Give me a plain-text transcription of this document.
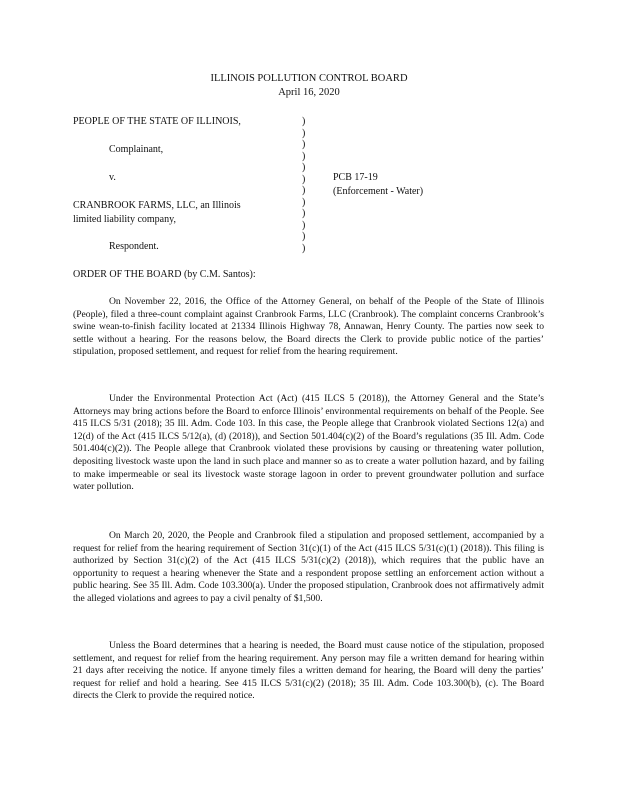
ILLINOIS POLLUTION CONTROL BOARD
April 16, 2020
PEOPLE OF THE STATE OF ILLINOIS,
Complainant,
v.
CRANBROOK FARMS, LLC, an Illinois
limited liability company,
Respondent.
)
)
)
)
)
)
)
)
)
)
)
)
PCB 17-19
(Enforcement - Water)
ORDER OF THE BOARD (by C.M. Santos):
On November 22, 2016, the Office of the Attorney General, on behalf of the People of the State of Illinois (People), filed a three-count complaint against Cranbrook Farms, LLC (Cranbrook). The complaint concerns Cranbrook’s swine wean-to-finish facility located at 21334 Illinois Highway 78, Annawan, Henry County. The parties now seek to settle without a hearing. For the reasons below, the Board directs the Clerk to provide public notice of the parties’ stipulation, proposed settlement, and request for relief from the hearing requirement.
Under the Environmental Protection Act (Act) (415 ILCS 5 (2018)), the Attorney General and the State’s Attorneys may bring actions before the Board to enforce Illinois’ environmental requirements on behalf of the People. See 415 ILCS 5/31 (2018); 35 Ill. Adm. Code 103. In this case, the People allege that Cranbrook violated Sections 12(a) and 12(d) of the Act (415 ILCS 5/12(a), (d) (2018)), and Section 501.404(c)(2) of the Board’s regulations (35 Ill. Adm. Code 501.404(c)(2)). The People allege that Cranbrook violated these provisions by causing or threatening water pollution, depositing livestock waste upon the land in such place and manner so as to create a water pollution hazard, and by failing to make impermeable or seal its livestock waste storage lagoon in order to prevent groundwater pollution and surface water pollution.
On March 20, 2020, the People and Cranbrook filed a stipulation and proposed settlement, accompanied by a request for relief from the hearing requirement of Section 31(c)(1) of the Act (415 ILCS 5/31(c)(1) (2018)). This filing is authorized by Section 31(c)(2) of the Act (415 ILCS 5/31(c)(2) (2018)), which requires that the public have an opportunity to request a hearing whenever the State and a respondent propose settling an enforcement action without a public hearing. See 35 Ill. Adm. Code 103.300(a). Under the proposed stipulation, Cranbrook does not affirmatively admit the alleged violations and agrees to pay a civil penalty of $1,500.
Unless the Board determines that a hearing is needed, the Board must cause notice of the stipulation, proposed settlement, and request for relief from the hearing requirement. Any person may file a written demand for hearing within 21 days after receiving the notice. If anyone timely files a written demand for hearing, the Board will deny the parties’ request for relief and hold a hearing. See 415 ILCS 5/31(c)(2) (2018); 35 Ill. Adm. Code 103.300(b), (c). The Board directs the Clerk to provide the required notice.
